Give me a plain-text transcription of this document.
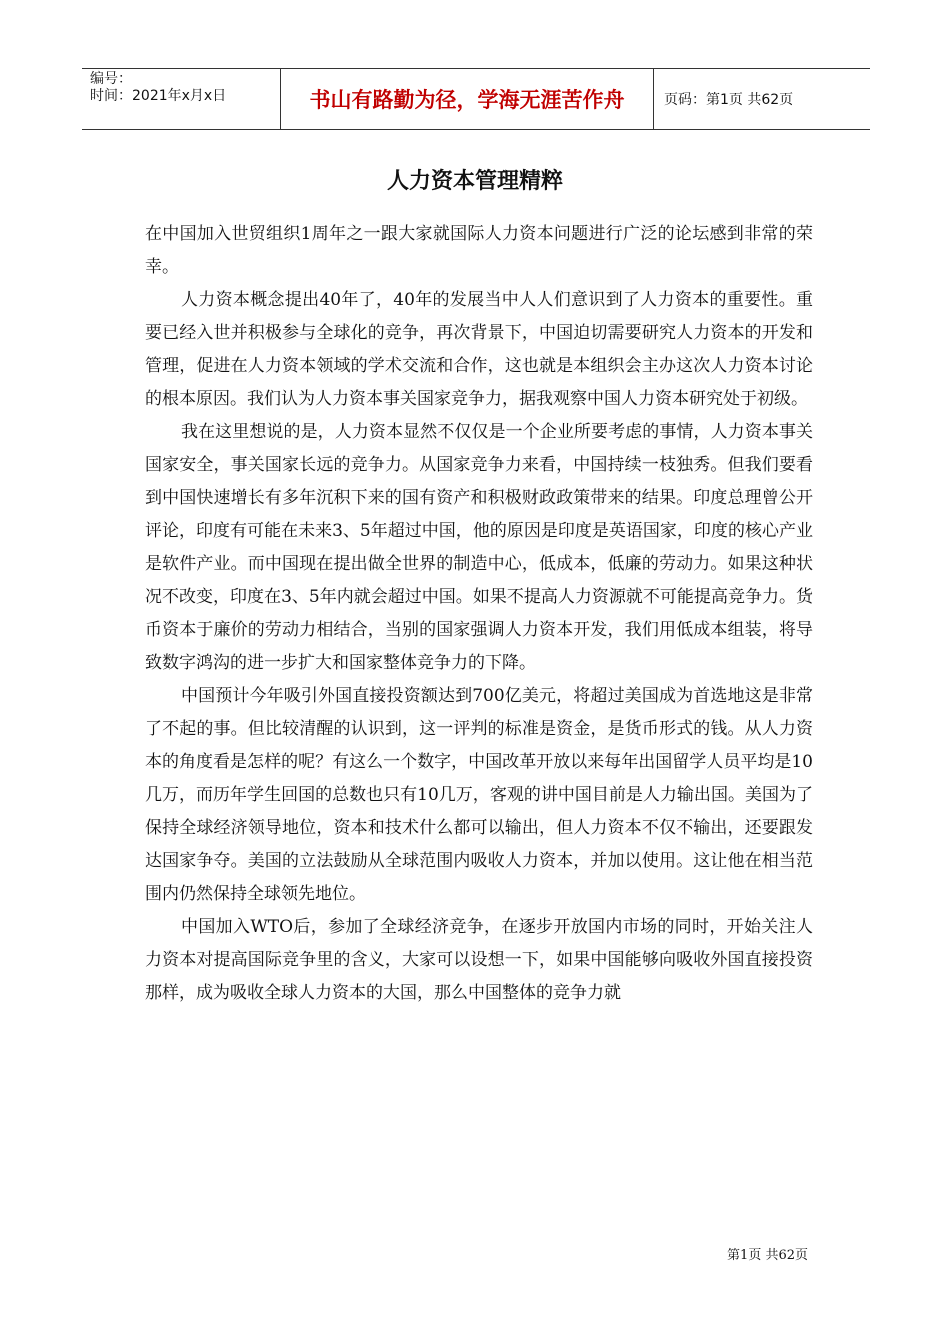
编号：
时间：2021年x月x日	书山有路勤为径，学海无涯苦作舟	页码：第1页 共62页
人力资本管理精粹

在中国加入世贸组织1周年之一跟大家就国际人力资本问题进行广泛的论坛感到非常的荣幸。

人力资本概念提出40年了，40年的发展当中人人们意识到了人力资本的重要性。重要已经入世并积极参与全球化的竞争，再次背景下，中国迫切需要研究人力资本的开发和管理，促进在人力资本领域的学术交流和合作，这也就是本组织会主办这次人力资本讨论的根本原因。我们认为人力资本事关国家竞争力，据我观察中国人力资本研究处于初级。

我在这里想说的是，人力资本显然不仅仅是一个企业所要考虑的事情，人力资本事关国家安全，事关国家长远的竞争力。从国家竞争力来看，中国持续一枝独秀。但我们要看到中国快速增长有多年沉积下来的国有资产和积极财政政策带来的结果。印度总理曾公开评论，印度有可能在未来3、5年超过中国，他的原因是印度是英语国家，印度的核心产业是软件产业。而中国现在提出做全世界的制造中心，低成本，低廉的劳动力。如果这种状况不改变，印度在3、5年内就会超过中国。如果不提高人力资源就不可能提高竞争力。货币资本于廉价的劳动力相结合，当别的国家强调人力资本开发，我们用低成本组装，将导致数字鸿沟的进一步扩大和国家整体竞争力的下降。

中国预计今年吸引外国直接投资额达到700亿美元，将超过美国成为首选地这是非常了不起的事。但比较清醒的认识到，这一评判的标准是资金，是货币形式的钱。从人力资本的角度看是怎样的呢？有这么一个数字，中国改革开放以来每年出国留学人员平均是10几万，而历年学生回国的总数也只有10几万，客观的讲中国目前是人力输出国。美国为了保持全球经济领导地位，资本和技术什么都可以输出，但人力资本不仅不输出，还要跟发达国家争夺。美国的立法鼓励从全球范围内吸收人力资本，并加以使用。这让他在相当范围内仍然保持全球领先地位。

中国加入WTO后，参加了全球经济竞争，在逐步开放国内市场的同时，开始关注人力资本对提高国际竞争里的含义，大家可以设想一下，如果中国能够向吸收外国直接投资那样，成为吸收全球人力资本的大国，那么中国整体的竞争力就

第1页 共62页
